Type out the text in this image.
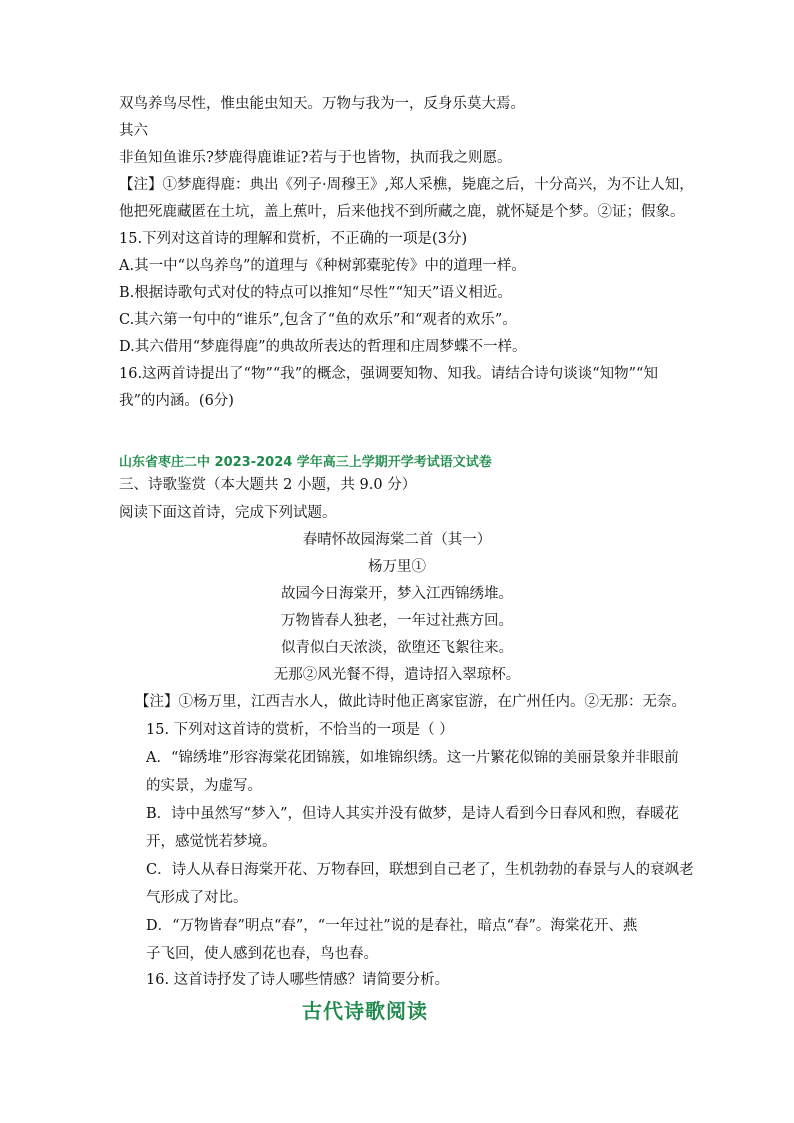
双鸟养鸟尽性，惟虫能虫知天。万物与我为一，反身乐莫大焉。
其六
非鱼知鱼谁乐?梦鹿得鹿谁证?若与于也皆物，执而我之则愿。
【注】①梦鹿得鹿：典出《列子·周穆王》,郑人采樵，毙鹿之后，十分高兴，为不让人知，
他把死鹿藏匿在土坑，盖上蕉叶，后来他找不到所藏之鹿，就怀疑是个梦。②证；假象。
15.下列对这首诗的理解和赏析，不正确的一项是(3分)
A.其一中“以鸟养鸟”的道理与《种树郭橐驼传》中的道理一样。
B.根据诗歌句式对仗的特点可以推知“尽性”“知天”语义相近。
C.其六第一句中的“谁乐”,包含了“鱼的欢乐”和“观者的欢乐”。
D.其六借用“梦鹿得鹿”的典故所表达的哲理和庄周梦蝶不一样。
16.这两首诗提出了“物”“我”的概念，强调要知物、知我。请结合诗句谈谈“知物”“知
我”的内涵。(6分)
山东省枣庄二中 2023-2024 学年高三上学期开学考试语文试卷
三、诗歌鉴赏（本大题共 2 小题，共 9.0 分）
阅读下面这首诗，完成下列试题。
春晴怀故园海棠二首（其一）
杨万里①
故园今日海棠开，梦入江西锦绣堆。
万物皆春人独老，一年过社燕方回。
似青似白天浓淡，欲堕还飞絮往来。
无那②风光餐不得，遣诗招入翠琼杯。
【注】①杨万里，江西吉水人，做此诗时他正离家宦游，在广州任内。②无那：无奈。
15. 下列对这首诗的赏析，不恰当的一项是（ ）
A．“锦绣堆”形容海棠花团锦簇，如堆锦织绣。这一片繁花似锦的美丽景象并非眼前
的实景，为虚写。
B．诗中虽然写“梦入”，但诗人其实并没有做梦，是诗人看到今日春风和煦，春暖花
开，感觉恍若梦境。
C．诗人从春日海棠开花、万物春回，联想到自己老了，生机勃勃的春景与人的衰飒老
气形成了对比。
D．“万物皆春”明点“春”，“一年过社”说的是春社，暗点“春”。海棠花开、燕
子飞回，使人感到花也春，鸟也春。
16. 这首诗抒发了诗人哪些情感？请简要分析。
古代诗歌阅读
